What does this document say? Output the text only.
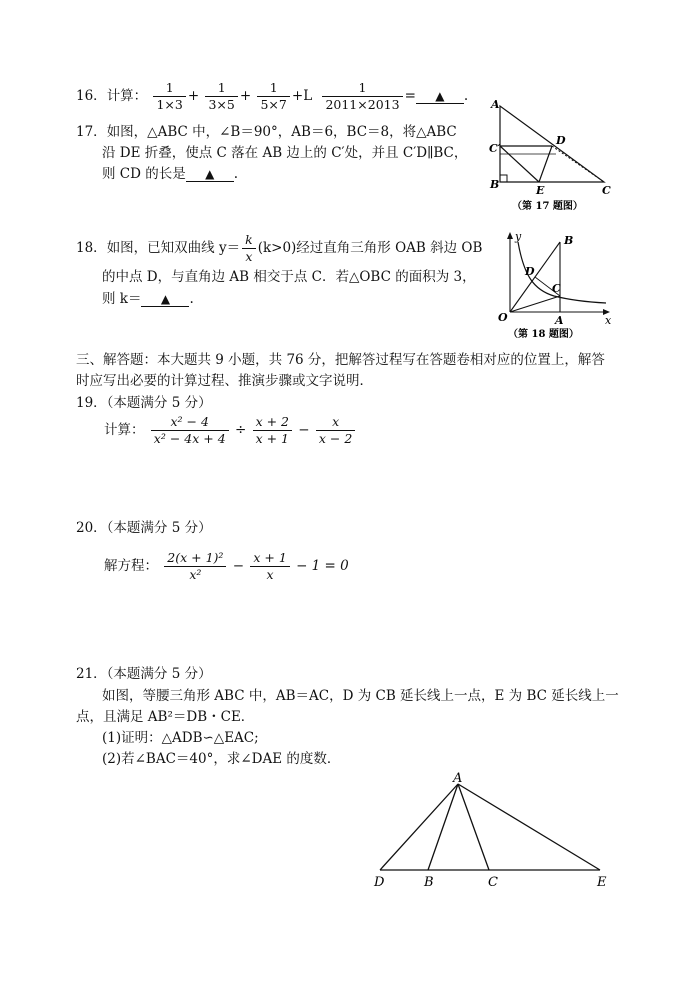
16．计算： $\frac{1}{1\times 3} + \frac{1}{3\times 5} + \frac{1}{5\times 7} +L \frac{1}{2011\times 2013}$ = ▲ .
17．如图，△ABC 中，∠B＝90°，AB＝6，BC＝8，将△ABC
沿 DE 折叠，使点 C 落在 AB 边上的 C′处，并且 C′D∥BC，
则 CD 的长是 ▲ .
A
C′
D
B	E	C
（第 17 题图）
18．如图，已知双曲线 $y= \frac{k}{x} (k>0)$经过直角三角形 OAB 斜边 OB
的中点 D，与直角边 AB 相交于点 C．若△OBC 的面积为 3，
则 k＝ ▲ .
y	B
D
C
O	A	x
（第 18 题图）
三、解答题：本大题共 9 小题，共 76 分，把解答过程写在答题卷相对应的位置上，解答
时应写出必要的计算过程、推演步骤或文字说明．
19．（本题满分 5 分）
计算： $\frac{\text{x² − 4}}{\text{x² − 4x + 4}} \div \frac{x + 2}{x + 1} - \frac{x}{x - 2}$
20．（本题满分 5 分）
解方程： $\frac{\text{2(x + 1)²}}{\text{x²}} - \frac{x + 1}{x} - 1 = 0$
21．（本题满分 5 分）
如图，等腰三角形 ABC 中，AB＝AC，D 为 CB 延长线上一点，E 为 BC 延长线上一
点，且满足 AB²＝DB・CE．
(1)证明：△ADB∽△EAC;
(2)若∠BAC＝40°，求∠DAE 的度数．
A
D	B	C	E
